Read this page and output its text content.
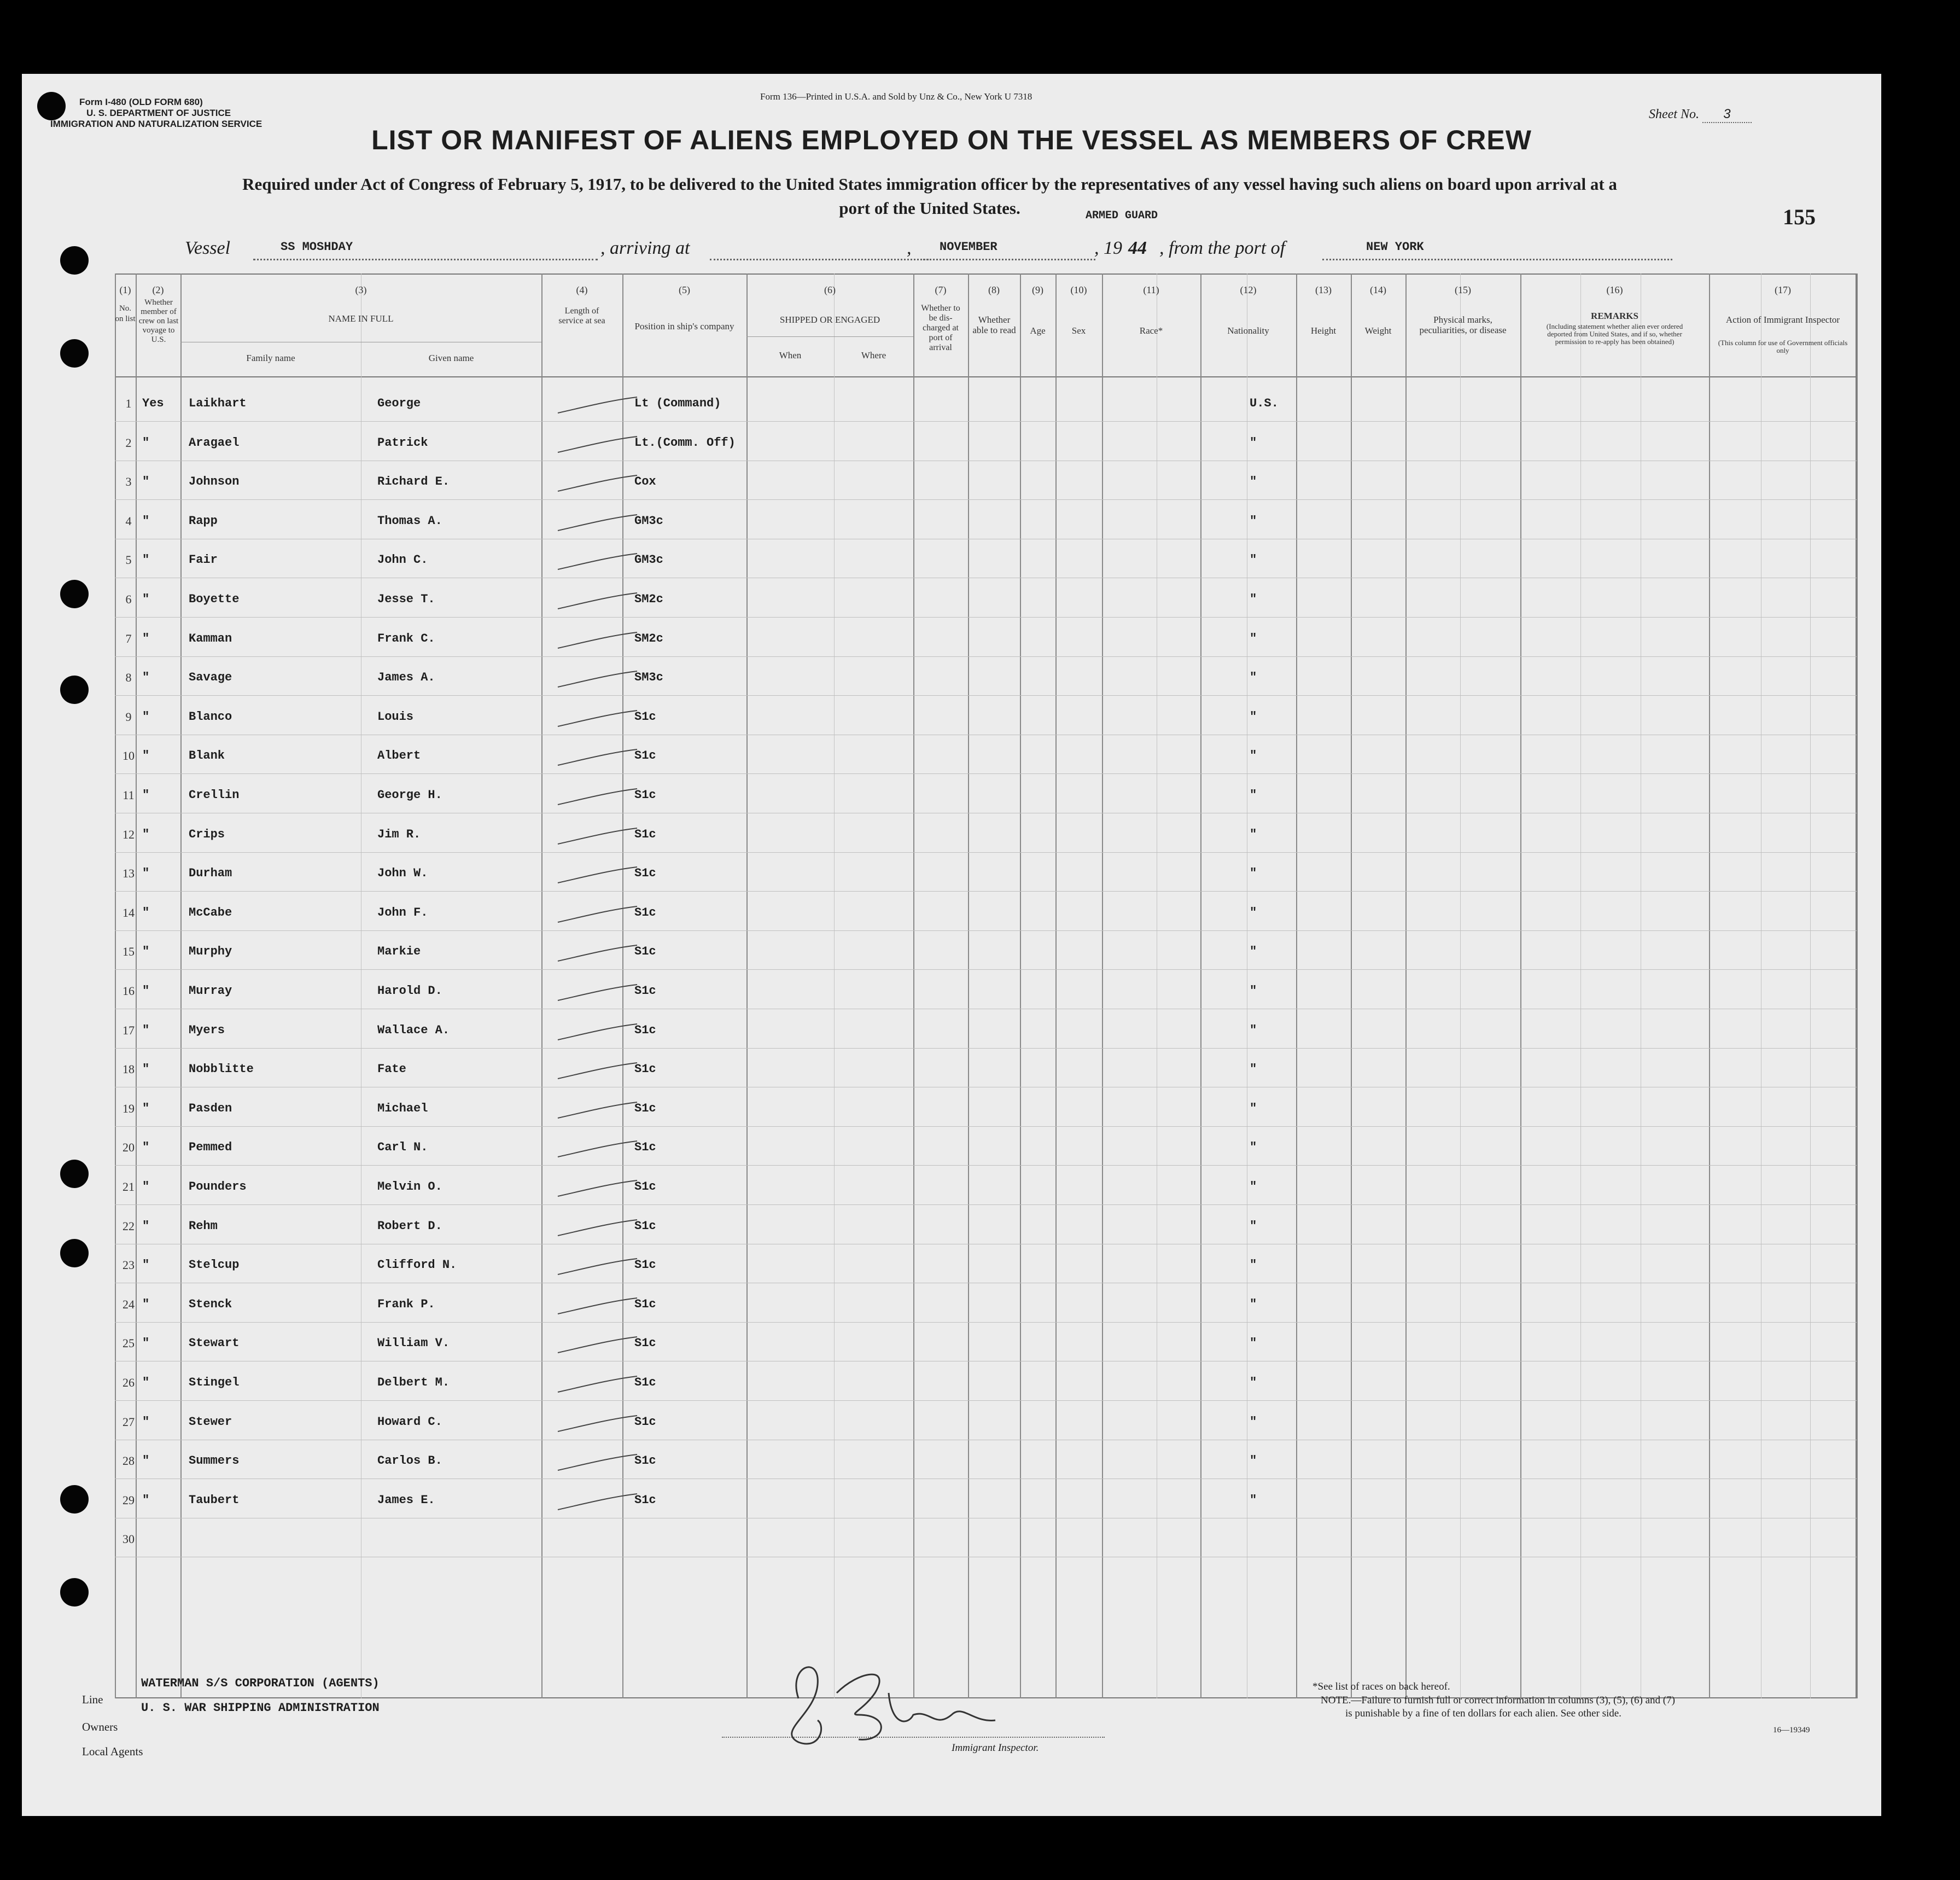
Form I-480 (OLD FORM 680)
U. S. DEPARTMENT OF JUSTICE
IMMIGRATION AND NATURALIZATION SERVICE
Form 136—Printed in U.S.A. and Sold by Unz & Co., New York U 7318
Sheet No. 3
155
LIST OR MANIFEST OF ALIENS EMPLOYED ON THE VESSEL AS MEMBERS OF CREW
Required under Act of Congress of February 5, 1917, to be delivered to the United States immigration officer by the representatives of any vessel having such aliens on board upon arrival at a
port of the United States.	ARMED GUARD
Vessel	SS MOSHDAY	, arriving at	, NOVEMBER	, 19 44 , from the port of	NEW YORK
(1)
No. on list
(2)
Whether member of crew on last voyage to U.S.
(3)
NAME IN FULL
Family name	Given name
(4)
Length of service at sea
(5)
Position in ship's company
(6)
SHIPPED OR ENGAGED
When	Where
(7)
Whether to be dis-charged at port of arrival
(8)
Whether able to read
(9)
Age
(10)
Sex
(11)
Race*
(12)
Nationality
(13)
Height
(14)
Weight
(15)
Physical marks, peculiarities, or disease
(16)
REMARKS
(Including statement whether alien ever ordered deported from United States, and if so, whether permission to re-apply has been obtained)
(17)
Action of Immigrant Inspector
(This column for use of Government officials only
1 Yes Laikhart	George	Lt (Command)	U.S.
2 "	Aragael	Patrick	Lt.(Comm. Off)	"
3 "	Johnson	Richard E.	Cox	"
4 "	Rapp	Thomas A.	GM3c	"
5 "	Fair	John C.	GM3c	"
6 "	Boyette	Jesse T.	SM2c	"
7 "	Kamman	Frank C.	SM2c	"
8 "	Savage	James A.	SM3c	"
9 "	Blanco	Louis	S1c	"
10 "	Blank	Albert	S1c	"
11 "	Crellin	George H.	S1c	"
12 "	Crips	Jim R.	S1c	"
13 "	Durham	John W.	S1c	"
14 "	McCabe	John F.	S1c	"
15 "	Murphy	Markie	S1c	"
16 "	Murray	Harold D.	S1c	"
17 "	Myers	Wallace A.	S1c	"
18 "	Nobblitte	Fate	S1c	"
19 "	Pasden	Michael	S1c	"
20 "	Pemmed	Carl N.	S1c	"
21 "	Pounders	Melvin O.	S1c	"
22 "	Rehm	Robert D.	S1c	"
23 "	Stelcup	Clifford N.	S1c	"
24 "	Stenck	Frank P.	S1c	"
25 "	Stewart	William V.	S1c	"
26 "	Stingel	Delbert M.	S1c	"
27 "	Stewer	Howard C.	S1c	"
28 "	Summers	Carlos B.	S1c	"
29 "	Taubert	James E.	S1c	"
30
Line
WATERMAN S/S CORPORATION (AGENTS)
Owners
U. S. WAR SHIPPING ADMINISTRATION
Local Agents	Immigrant Inspector.
*See list of races on back hereof.
NOTE.—Failure to furnish full or correct information in columns (3), (5), (6) and (7)
is punishable by a fine of ten dollars for each alien. See other side.
16—19349
